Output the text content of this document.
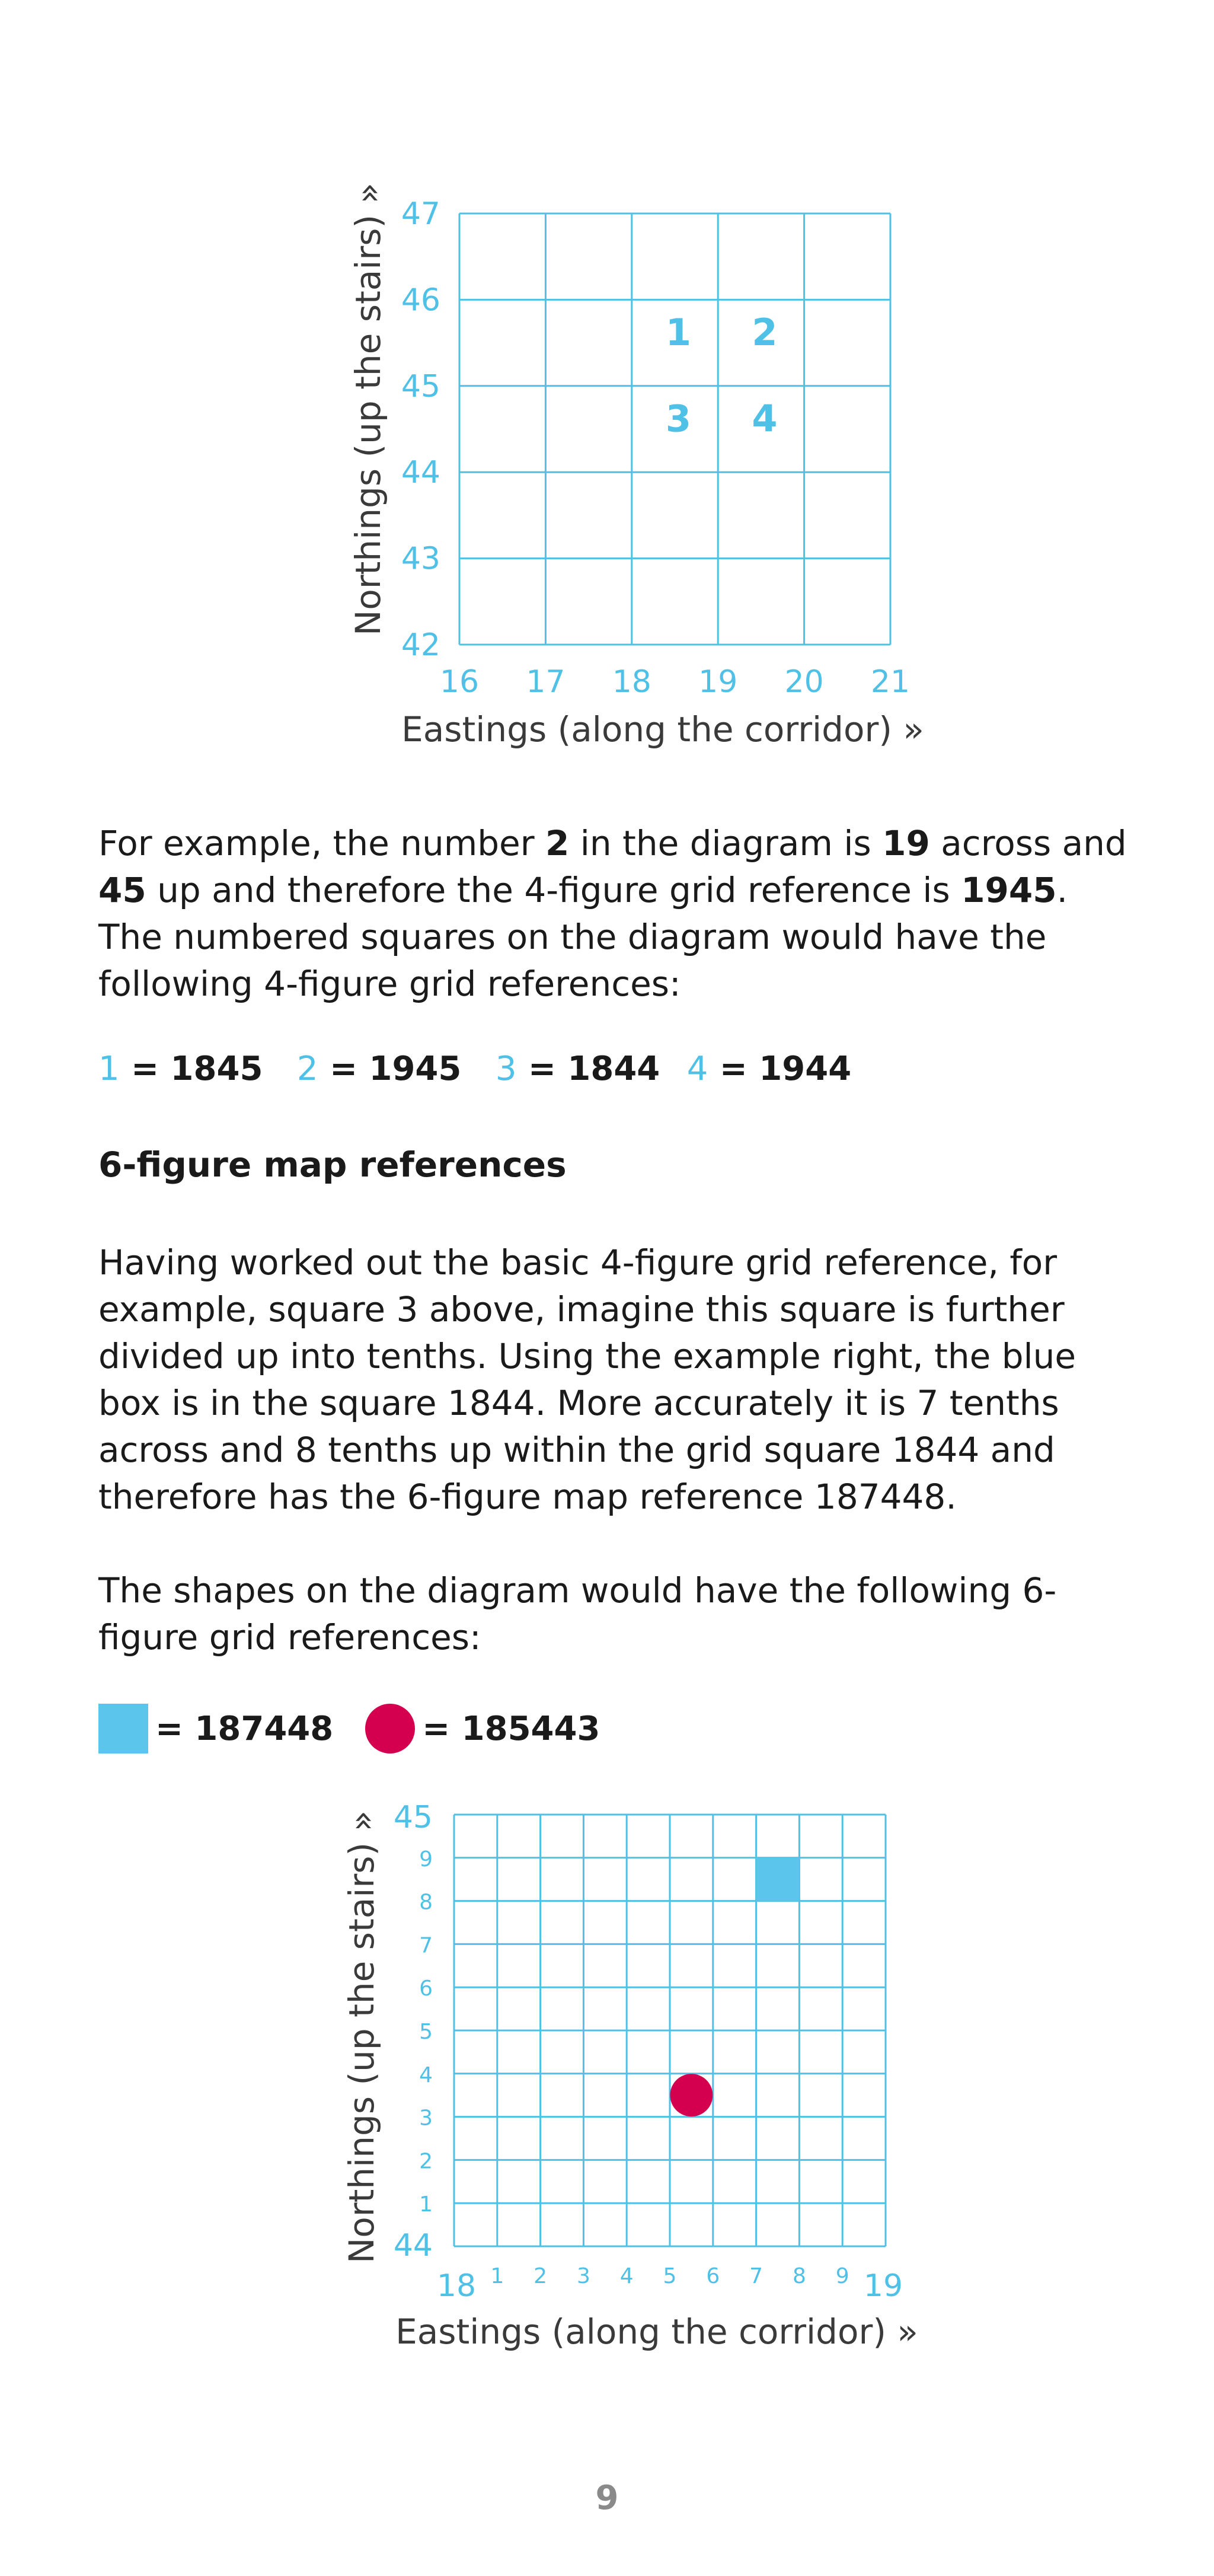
1 2
3 4
16 17 18 19 20 21
42
43
44
45
46
47
Northings (up the stairs) »
Eastings (along the corridor) »
For example, the number 2 in the diagram is 19 across and 45 up and therefore the 4-figure grid reference is 1945. The numbered squares on the diagram would have the following 4-figure grid references:
1 = 1845 2 = 1945 3 = 1844 4 = 1944
6-figure map references
Having worked out the basic 4-figure grid reference, for example, square 3 above, imagine this square is further divided up into tenths. Using the example right, the blue box is in the square 1844. More accurately it is 7 tenths across and 8 tenths up within the grid square 1844 and therefore has the 6-figure map reference 187448.
The shapes on the diagram would have the following 6-figure grid references:
= 187448	= 185443
1 2 3 4 5 6 7 8 9
1
2
3
4
5
6
7
8
9
18	19
44
45
Northings (up the stairs) »
Eastings (along the corridor) »
9
